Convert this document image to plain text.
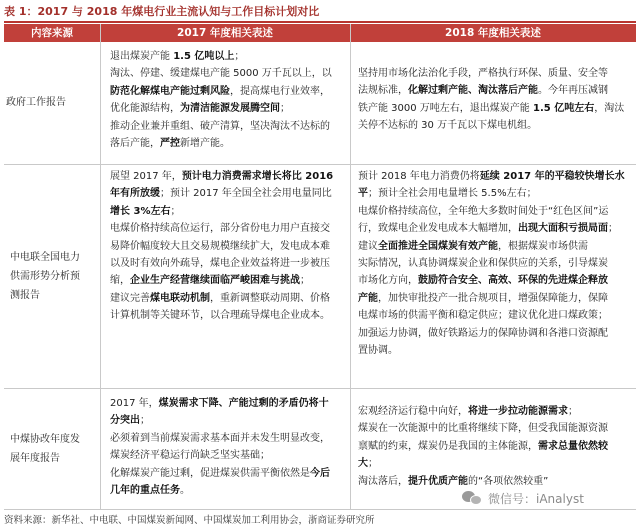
表 1：2017 与 2018 年煤电行业主流认知与工作目标计划对比
内容来源	2017 年度相关表述	2018 年度相关表述
政府工作报告
退出煤炭产能 1.5 亿吨以上；
淘汰、停建、缓建煤电产能 5000 万千瓦以上，以
防范化解煤电产能过剩风险，提高煤电行业效率，
优化能源结构，为清洁能源发展腾空间；
推动企业兼并重组、破产清算，坚决淘汰不达标的
落后产能，严控新增产能。
坚持用市场化法治化手段，严格执行环保、质量、安全等
法规标准，化解过剩产能、淘汰落后产能。今年再压减钢
铁产能 3000 万吨左右，退出煤炭产能 1.5 亿吨左右，淘汰
关停不达标的 30 万千瓦以下煤电机组。
中电联全国电力供需形势分析预测报告
展望 2017 年，预计电力消费需求增长将比 2016
年有所放缓；预计 2017 年全国全社会用电量同比
增长 3%左右；
电煤价格持续高位运行，部分省份电力用户直接交
易降价幅度较大且交易规模继续扩大，发电成本难
以及时有效向外疏导，煤电企业效益将进一步被压
缩，企业生产经营继续面临严峻困难与挑战；
建议完善煤电联动机制，重新调整联动周期、价格
计算机制等关键环节，以合理疏导煤电企业成本。
预计 2018 年电力消费仍将延续 2017 年的平稳较快增长水
平；预计全社会用电量增长 5.5%左右；
电煤价格持续高位，全年绝大多数时间处于“红色区间”运
行，致煤电企业发电成本大幅增加，出现大面积亏损局面；
建议全面推进全国煤炭有效产能，根据煤炭市场供需
实际情况，认真协调煤炭企业和保供应的关系，引导煤炭
市场化方向，鼓励符合安全、高效、环保的先进煤企释放
产能，加快审批投产一批合规项目，增强保障能力，保障
电煤市场的供需平衡和稳定供应；建议优化进口煤政策；
加强运力协调，做好铁路运力的保障协调和各港口资源配
置协调。
中煤协改年度发展年度报告
2017 年，煤炭需求下降、产能过剩的矛盾仍将十
分突出；
必须着到当前煤炭需求基本面并未发生明显改变，
煤炭经济平稳运行尚缺乏坚实基础；
化解煤炭产能过剩，促进煤炭供需平衡依然是今后
几年的重点任务。
宏观经济运行稳中向好，将进一步拉动能源需求；
煤炭在一次能源中的比重将继续下降，但受我国能源资源
禀赋的约束，煤炭仍是我国的主体能源，需求总量依然较
大；
淘汰落后，提升优质产能的“各项依然较重”
微信号：iAnalyst
资料来源：新华社、中电联、中国煤炭新闻网、中国煤炭加工利用协会，浙商证券研究所
